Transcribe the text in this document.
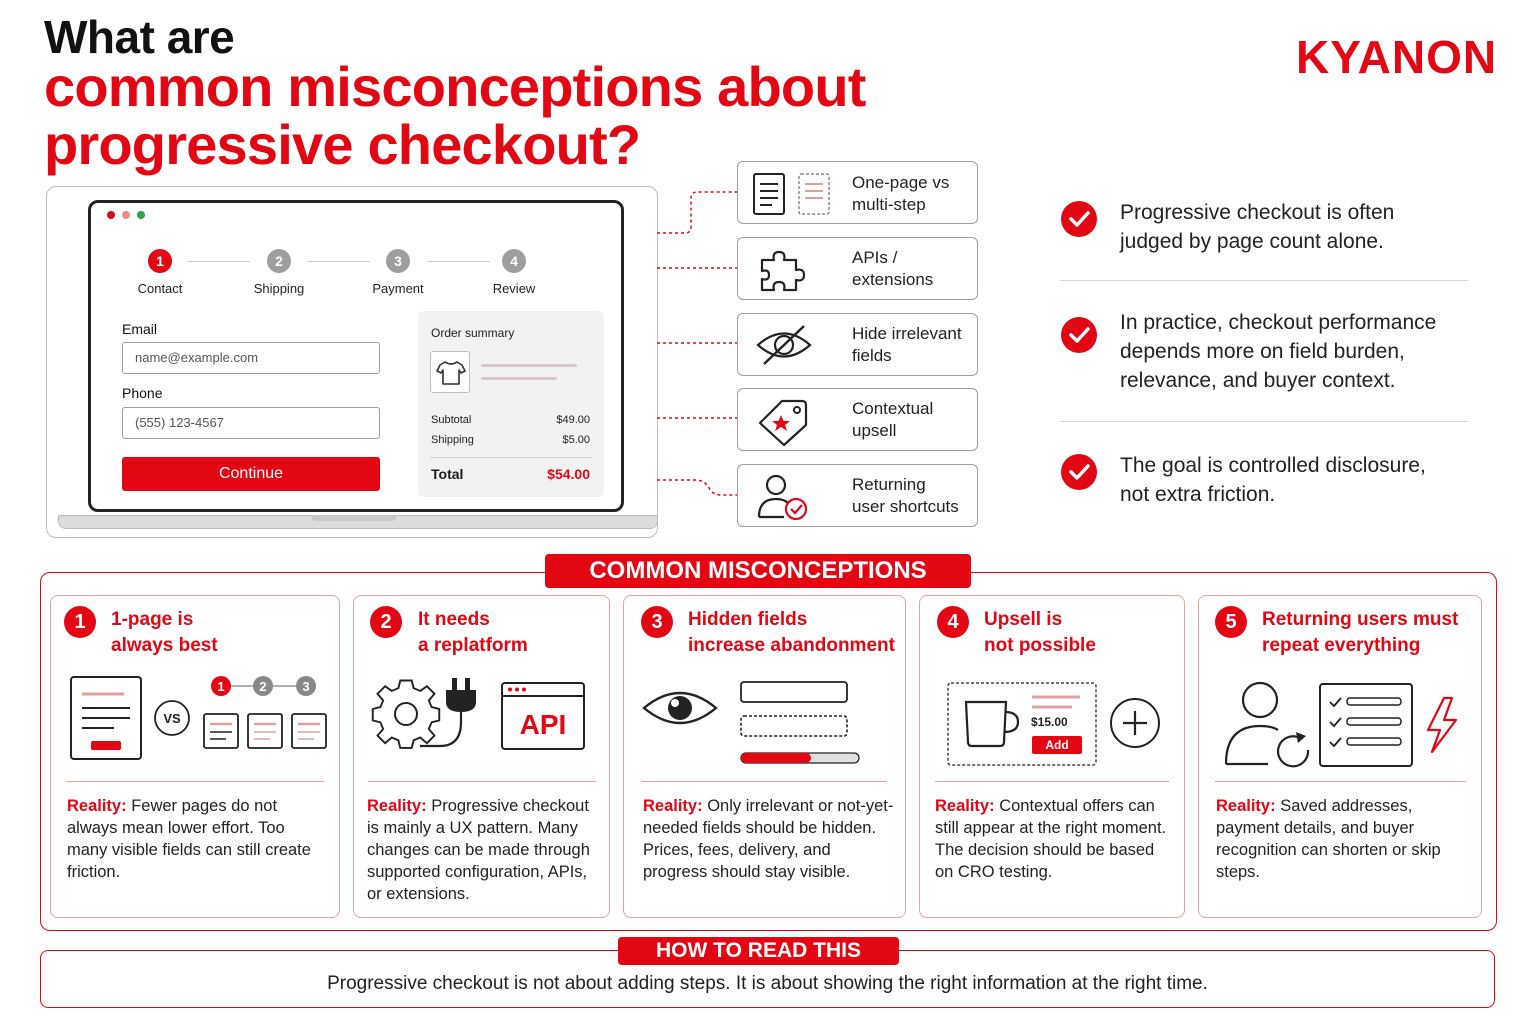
What are
common misconceptions about
progressive checkout?
KYANON
1	2	3	4
Contact	Shipping	Payment	Review
Email
name@example.com
Phone
(555) 123-4567
Continue
Order summary
Subtotal	$49.00
Shipping	$5.00
Total	$54.00
One-page vs
multi-step
APIs /
extensions
Hide irrelevant
fields
Contextual
upsell
Returning
user shortcuts
Progressive checkout is often
judged by page count alone.
In practice, checkout performance
depends more on field burden,
relevance, and buyer context.
The goal is controlled disclosure,
not extra friction.
COMMON MISCONCEPTIONS
1	1-page is
always best
VS
1	2	3
Reality: Fewer pages do not always mean lower effort. Too many visible fields can still create friction.
2	It needs
a replatform
API
Reality: Progressive checkout is mainly a UX pattern. Many changes can be made through supported configuration, APIs, or extensions.
3	Hidden fields
increase abandonment
Reality: Only irrelevant or not-yet-needed fields should be hidden. Prices, fees, delivery, and progress should stay visible.
4	Upsell is
not possible
$15.00
Add
Reality: Contextual offers can still appear at the right moment. The decision should be based on CRO testing.
5	Returning users must
repeat everything
Reality: Saved addresses, payment details, and buyer recognition can shorten or skip steps.
HOW TO READ THIS
Progressive checkout is not about adding steps. It is about showing the right information at the right time.
